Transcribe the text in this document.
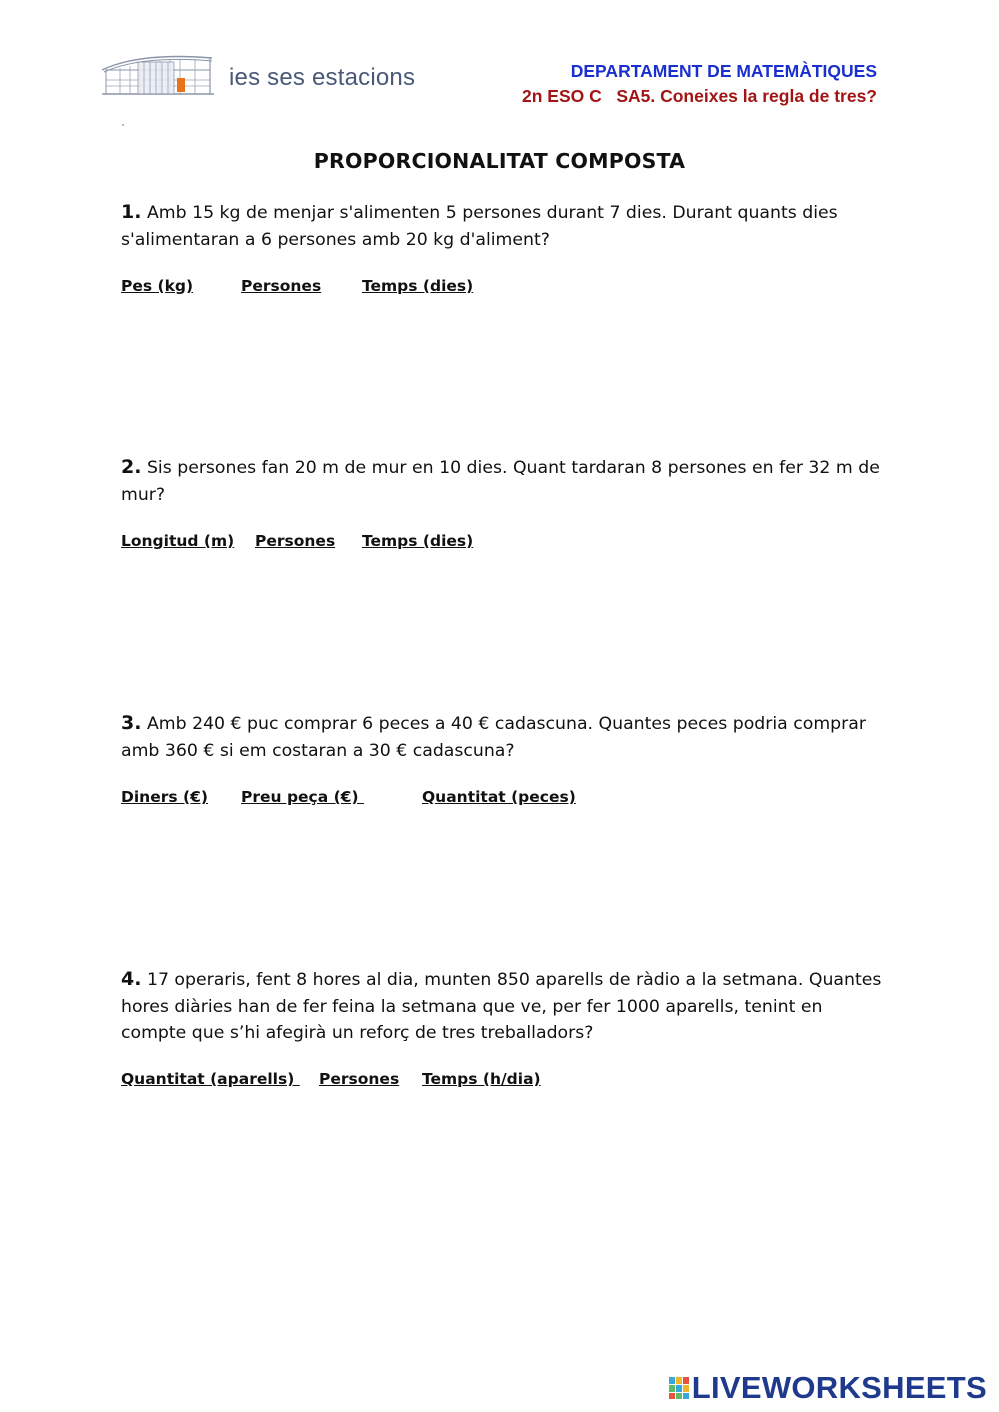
ies ses estacions	DEPARTAMENT DE MATEMÀTIQUES
2n ESO C   SA5. Coneixes la regla de tres?
PROPORCIONALITAT COMPOSTA
1. Amb 15 kg de menjar s'alimenten 5 persones durant 7 dies. Durant quants dies s'alimentaran a 6 persones amb 20 kg d'aliment?
Pes (kg)	Persones	Temps (dies)
2. Sis persones fan 20 m de mur en 10 dies. Quant tardaran 8 persones en fer 32 m de mur?
Longitud (m) Persones Temps (dies)
3. Amb 240 € puc comprar 6 peces a 40 € cadascuna. Quantes peces podria comprar amb 360 € si em costaran a 30 € cadascuna?
Diners (€) Preu peça (€)	Quantitat (peces)
4. 17 operaris, fent 8 hores al dia, munten 850 aparells de ràdio a la setmana. Quantes hores diàries han de fer feina la setmana que ve, per fer 1000 aparells, tenint en compte que s’hi afegirà un reforç de tres treballadors?
Quantitat (aparells) Persones Temps (h/dia)
LIVEWORKSHEETS
